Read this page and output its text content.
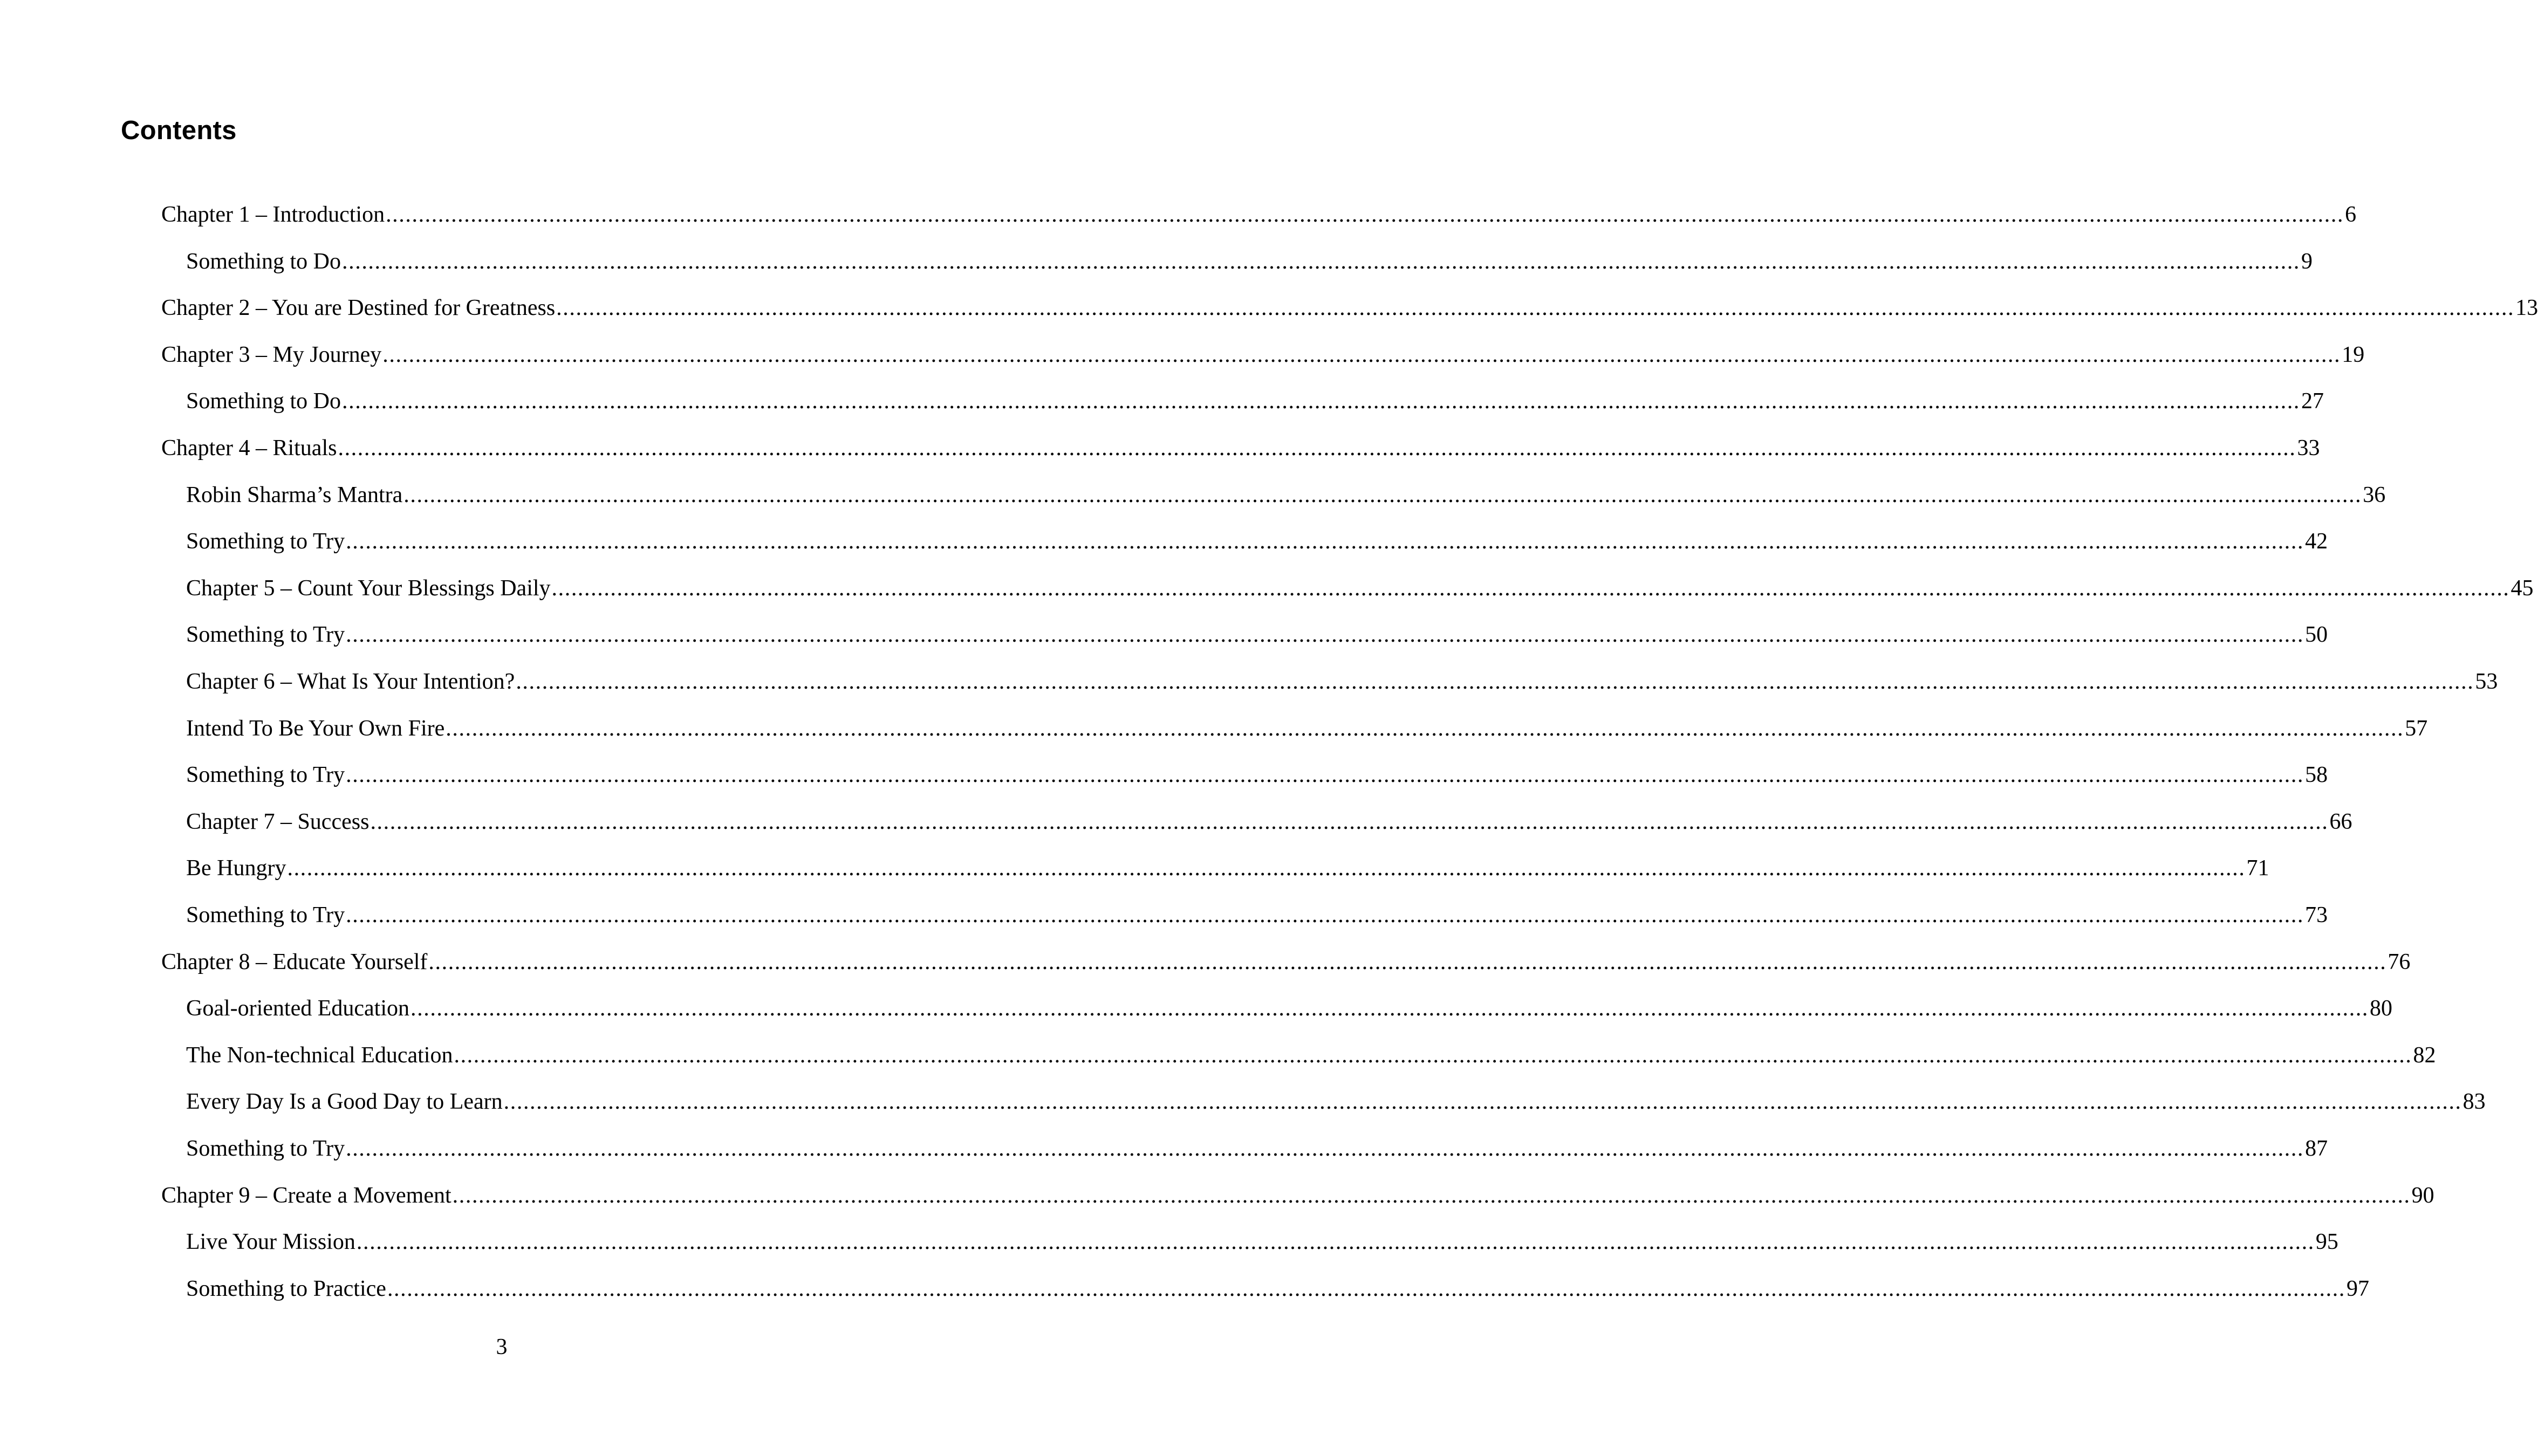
Contents
Chapter 1 – Introduction ............................................................................................................................................................................................................................................................................................................ 6
Something to Do ............................................................................................................................................................................................................................................................................................................ 9
Chapter 2 – You are Destined for Greatness ............................................................................................................................................................................................................................................................................................................ 13
Chapter 3 – My Journey ............................................................................................................................................................................................................................................................................................................ 19
Something to Do ............................................................................................................................................................................................................................................................................................................ 27
Chapter 4 – Rituals ............................................................................................................................................................................................................................................................................................................ 33
Robin Sharma’s Mantra ............................................................................................................................................................................................................................................................................................................ 36
Something to Try ............................................................................................................................................................................................................................................................................................................ 42
Chapter 5 – Count Your Blessings Daily ............................................................................................................................................................................................................................................................................................................ 45
Something to Try ............................................................................................................................................................................................................................................................................................................ 50
Chapter 6 – What Is Your Intention? ............................................................................................................................................................................................................................................................................................................ 53
Intend To Be Your Own Fire ............................................................................................................................................................................................................................................................................................................ 57
Something to Try ............................................................................................................................................................................................................................................................................................................ 58
Chapter 7 – Success ............................................................................................................................................................................................................................................................................................................ 66
Be Hungry ............................................................................................................................................................................................................................................................................................................ 71
Something to Try ............................................................................................................................................................................................................................................................................................................ 73
Chapter 8 – Educate Yourself ............................................................................................................................................................................................................................................................................................................ 76
Goal-oriented Education ............................................................................................................................................................................................................................................................................................................ 80
The Non-technical Education ............................................................................................................................................................................................................................................................................................................ 82
Every Day Is a Good Day to Learn ............................................................................................................................................................................................................................................................................................................ 83
Something to Try ............................................................................................................................................................................................................................................................................................................ 87
Chapter 9 – Create a Movement ............................................................................................................................................................................................................................................................................................................ 90
Live Your Mission ............................................................................................................................................................................................................................................................................................................ 95
Something to Practice ............................................................................................................................................................................................................................................................................................................ 97
3
